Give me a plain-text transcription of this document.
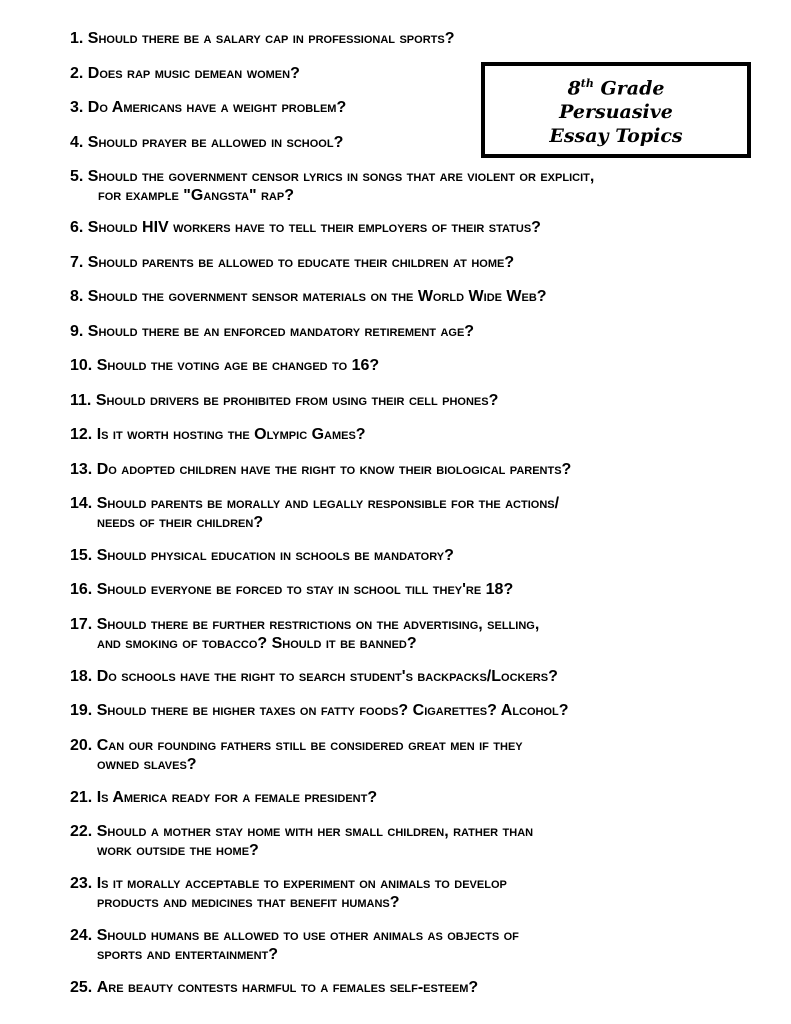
8th Grade
Persuasive
Essay Topics
1. Should there be a salary cap in professional sports?
2. Does rap music demean women?
3. Do Americans have a weight problem?
4. Should prayer be allowed in school?
5. Should the government censor lyrics in songs that are violent or explicit,
for example "Gangsta" rap?
6. Should HIV workers have to tell their employers of their status?
7. Should parents be allowed to educate their children at home?
8. Should the government sensor materials on the World Wide Web?
9. Should there be an enforced mandatory retirement age?
10. Should the voting age be changed to 16?
11. Should drivers be prohibited from using their cell phones?
12. Is it worth hosting the Olympic Games?
13. Do adopted children have the right to know their biological parents?
14. Should parents be morally and legally responsible for the actions/
needs of their children?
15. Should physical education in schools be mandatory?
16. Should everyone be forced to stay in school till they're 18?
17. Should there be further restrictions on the advertising, selling,
and smoking of tobacco? Should it be banned?
18. Do schools have the right to search student's backpacks/Lockers?
19. Should there be higher taxes on fatty foods? Cigarettes? Alcohol?
20. Can our founding fathers still be considered great men if they
owned slaves?
21. Is America ready for a female president?
22. Should a mother stay home with her small children, rather than
work outside the home?
23. Is it morally acceptable to experiment on animals to develop
products and medicines that benefit humans?
24. Should humans be allowed to use other animals as objects of
sports and entertainment?
25. Are beauty contests harmful to a females self-esteem?
